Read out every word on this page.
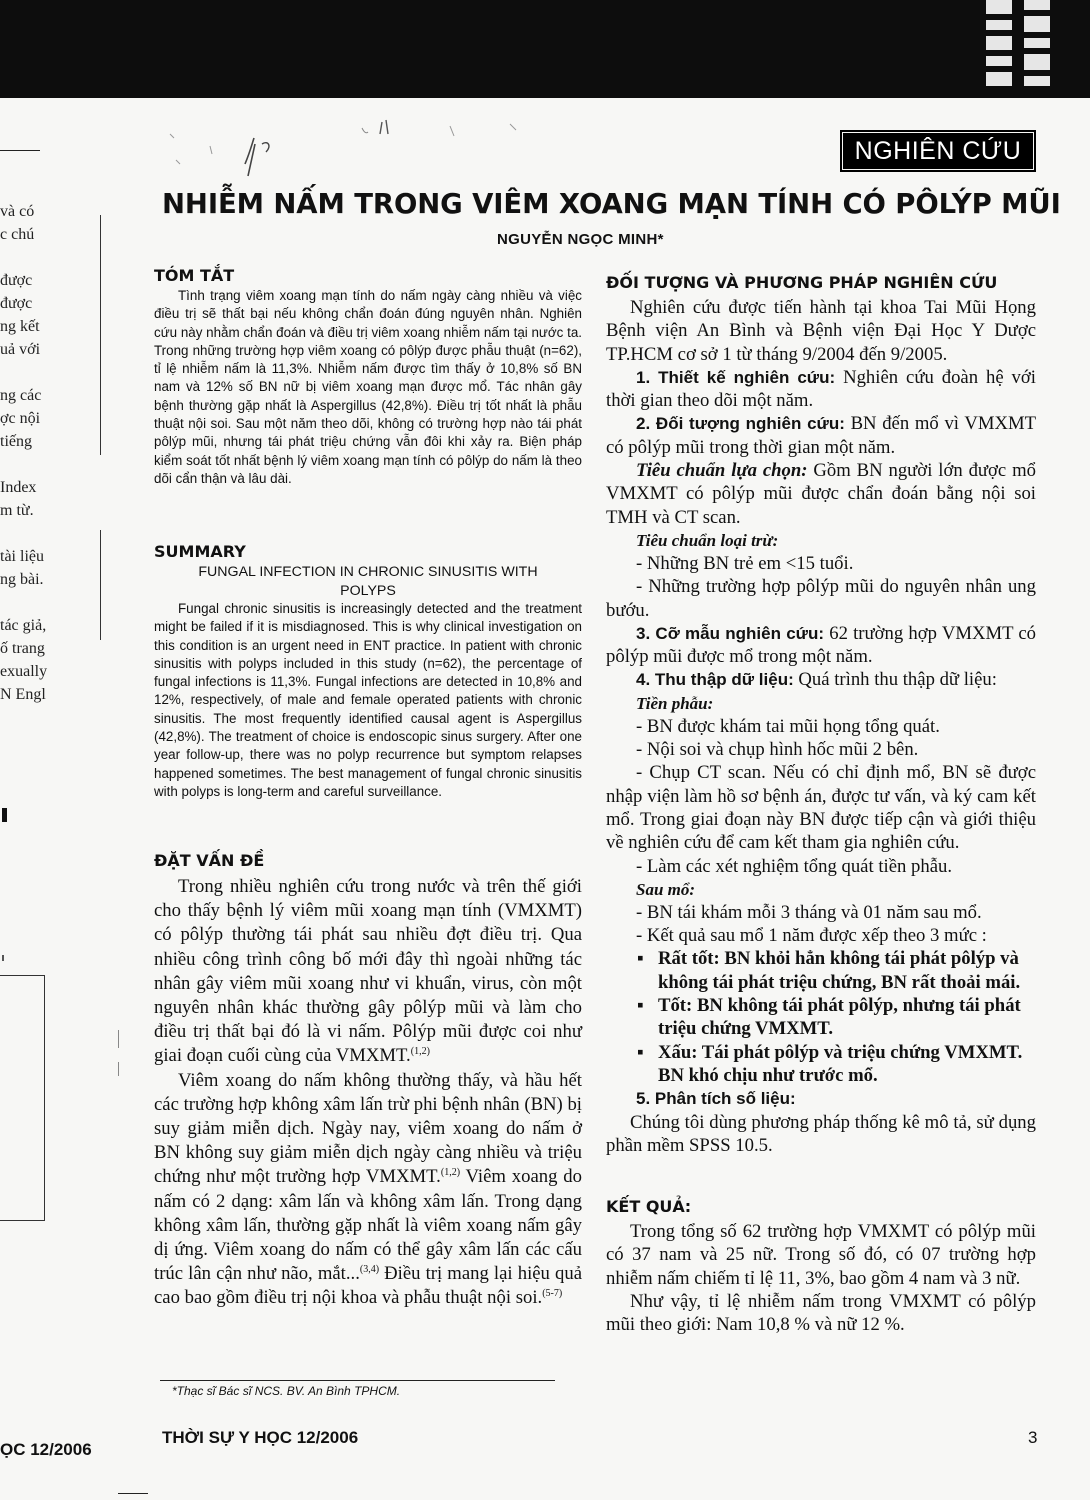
và có
c chú

được
được
ng kết
uả với

ng các
ợc nội
tiếng

Index
m từ.

tài liệu
ng bài.

tác giả,
ố trang
exually
N Engl
ỌC 12/2006
NGHIÊN CỨU
NHIỄM NẤM TRONG VIÊM XOANG MẠN TÍNH CÓ PÔLÝP MŨI
NGUYỄN NGỌC MINH*
TÓM TẮT

Tình trạng viêm xoang mạn tính do nấm ngày càng nhiều và việc điều trị sẽ thất bại nếu không chẩn đoán đúng nguyên nhân. Nghiên cứu này nhằm chẩn đoán và điều trị viêm xoang nhiễm nấm tại nước ta. Trong những trường hợp viêm xoang có pôlýp được phẫu thuật (n=62), tỉ lệ nhiễm nấm là 11,3%. Nhiễm nấm được tìm thấy ở 10,8% số BN nam và 12% số BN nữ bị viêm xoang mạn được mổ. Tác nhân gây bệnh thường gặp nhất là Aspergillus (42,8%). Điều trị tốt nhất là phẫu thuật nội soi. Sau một năm theo dõi, không có trường hợp nào tái phát pôlýp mũi, nhưng tái phát triệu chứng vẫn đôi khi xảy ra. Biện pháp kiểm soát tốt nhất bệnh lý viêm xoang mạn tính có pôlýp do nấm là theo dõi cẩn thận và lâu dài.

SUMMARY

FUNGAL INFECTION IN CHRONIC SINUSITIS WITH

POLYPS

Fungal chronic sinusitis is increasingly detected and the treatment might be failed if it is misdiagnosed. This is why clinical investigation on this condition is an urgent need in ENT practice. In patient with chronic sinusitis with polyps included in this study (n=62), the percentage of fungal infections is 11,3%. Fungal infections are detected in 10,8% and 12%, respectively, of male and female operated patients with chronic sinusitis. The most frequently identified causal agent is Aspergillus (42,8%). The treatment of choice is endoscopic sinus surgery. After one year follow-up, there was no polyp recurrence but symptom relapses happened sometimes. The best management of fungal chronic sinusitis with polyps is long-term and careful surveillance.

ĐẶT VẤN ĐỀ

Trong nhiều nghiên cứu trong nước và trên thế giới cho thấy bệnh lý viêm mũi xoang mạn tính (VMXMT) có pôlýp thường tái phát sau nhiều đợt điều trị. Qua nhiều công trình công bố mới đây thì ngoài những tác nhân gây viêm mũi xoang như vi khuẩn, virus, còn một nguyên nhân khác thường gây pôlýp mũi và làm cho điều trị thất bại đó là vi nấm. Pôlýp mũi được coi như giai đoạn cuối cùng của VMXMT.$^{(1,2)}$

Viêm xoang do nấm không thường thấy, và hầu hết các trường hợp không xâm lấn trừ phi bệnh nhân (BN) bị suy giảm miễn dịch. Ngày nay, viêm xoang do nấm ở BN không suy giảm miễn dịch ngày càng nhiều và triệu chứng như một trường hợp VMXMT.$^{(1,2)}$ Viêm xoang do nấm có 2 dạng: xâm lấn và không xâm lấn. Trong dạng không xâm lấn, thường gặp nhất là viêm xoang nấm gây dị ứng. Viêm xoang do nấm có thể gây xâm lấn các cấu trúc lân cận như não, mắt...$^{(3,4)}$ Điều trị mang lại hiệu quả cao bao gồm điều trị nội khoa và phẫu thuật nội soi.$^{(5-7)}$

*Thạc sĩ Bác sĩ NCS. BV. An Bình TPHCM.
ĐỐI TƯỢNG VÀ PHƯƠNG PHÁP NGHIÊN CỨU

Nghiên cứu được tiến hành tại khoa Tai Mũi Họng Bệnh viện An Bình và Bệnh viện Đại Học Y Dược TP.HCM cơ sở 1 từ tháng 9/2004 đến 9/2005.

1. Thiết kế nghiên cứu: Nghiên cứu đoàn hệ với thời gian theo dõi một năm.

2. Đối tượng nghiên cứu: BN đến mổ vì VMXMT có pôlýp mũi trong thời gian một năm.

Tiêu chuẩn lựa chọn: Gồm BN người lớn được mổ VMXMT có pôlýp mũi được chẩn đoán bằng nội soi TMH và CT scan.

Tiêu chuẩn loại trừ:

- Những BN trẻ em <15 tuổi.

- Những trường hợp pôlýp mũi do nguyên nhân ung bướu.

3. Cỡ mẫu nghiên cứu: 62 trường hợp VMXMT có pôlýp mũi được mổ trong một năm.

4. Thu thập dữ liệu: Quá trình thu thập dữ liệu:

Tiền phẫu:

- BN được khám tai mũi họng tổng quát.

- Nội soi và chụp hình hốc mũi 2 bên.

- Chụp CT scan. Nếu có chỉ định mổ, BN sẽ được nhập viện làm hồ sơ bệnh án, được tư vấn, và ký cam kết mổ. Trong giai đoạn này BN được tiếp cận và giới thiệu về nghiên cứu để cam kết tham gia nghiên cứu.

- Làm các xét nghiệm tổng quát tiền phẫu.

Sau mổ:

- BN tái khám mỗi 3 tháng và 01 năm sau mổ.

- Kết quả sau mổ 1 năm được xếp theo 3 mức :

▪ Rất tốt: BN khỏi hẳn không tái phát pôlýp và không tái phát triệu chứng, BN rất thoải mái.

▪ Tốt: BN không tái phát pôlýp, nhưng tái phát triệu chứng VMXMT.

▪ Xấu: Tái phát pôlýp và triệu chứng VMXMT. BN khó chịu như trước mổ.

5. Phân tích số liệu:

Chúng tôi dùng phương pháp thống kê mô tả, sử dụng phần mềm SPSS 10.5.

KẾT QUẢ:

Trong tổng số 62 trường hợp VMXMT có pôlýp mũi có 37 nam và 25 nữ. Trong số đó, có 07 trường hợp nhiễm nấm chiếm tỉ lệ 11, 3%, bao gồm 4 nam và 3 nữ.

Như vậy, tỉ lệ nhiễm nấm trong VMXMT có pôlýp mũi theo giới: Nam 10,8 % và nữ 12 %.

THỜI SỰ Y HỌC 12/2006	3
